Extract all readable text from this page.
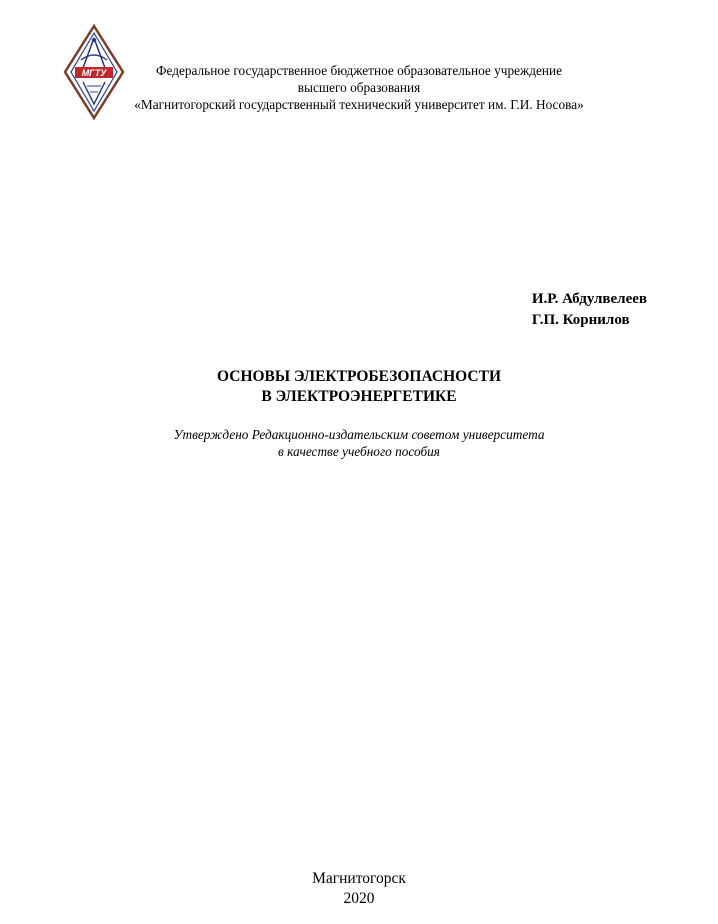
МГТУ	Федеральное государственное бюджетное образовательное учреждение
высшего образования
«Магнитогорский государственный технический университет им. Г.И. Носова»
И.Р. Абдулвелеев
Г.П. Корнилов
ОСНОВЫ ЭЛЕКТРОБЕЗОПАСНОСТИ
В ЭЛЕКТРОЭНЕРГЕТИКЕ
Утверждено Редакционно-издательским советом университета
в качестве учебного пособия
Магнитогорск
2020
